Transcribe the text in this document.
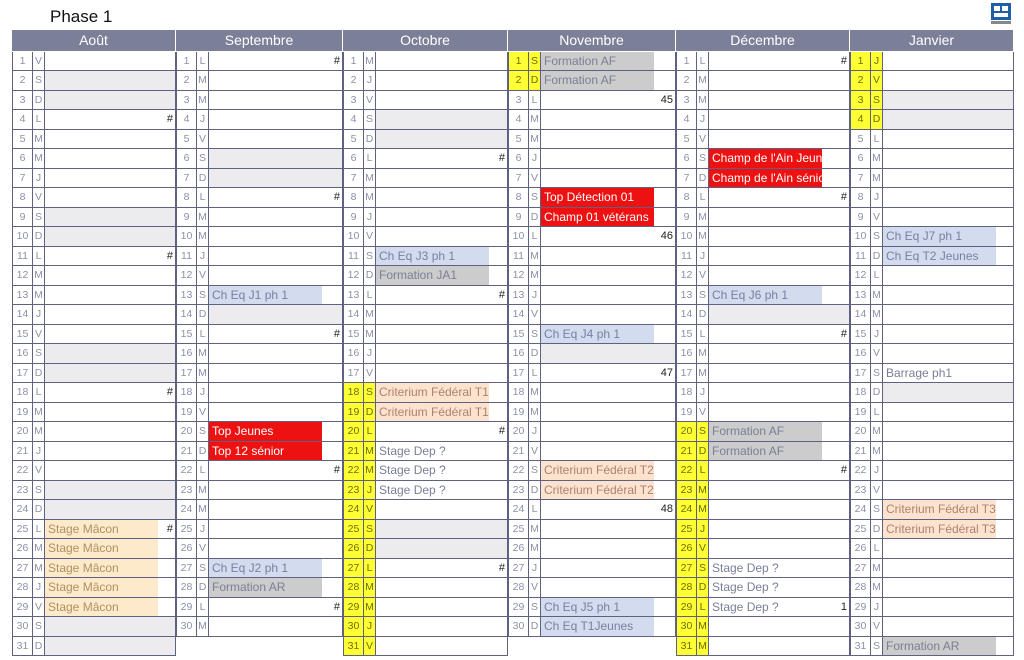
Phase 1
Août
1 V
2 S
3 D
4 L	#
5 M
6 M
7 J
8 V
9 S
10 D
11 L	#
12 M
13 M
14 J
15 V
16 S
17 D
18 L	#
19 M
20 M
21 J
22 V
23 S
24 D
25 L Stage Mâcon	#
26 M Stage Mâcon
27 M Stage Mâcon
28 J Stage Mâcon
29 V Stage Mâcon
30 S
31 D
Septembre
1 L	#
2 M
3 M
4 J
5 V
6 S
7 D
8 L	#
9 M
10 M
11 J
12 V
13 S Ch Eq J1 ph 1
14 D
15 L	#
16 M
17 M
18 J
19 V
20 S Top Jeunes
21 D Top 12 sénior
22 L	#
23 M
24 M
25 J
26 V
27 S Ch Eq J2 ph 1
28 D Formation AR
29 L	#
30 M
Octobre
1 M
2 J
3 V
4 S
5 D
6 L	#
7 M
8 M
9 J
10 V
11 S Ch Eq J3 ph 1
12 D Formation JA1
13 L	#
14 M
15 M
16 J
17 V
18 S Criterium Fédéral T1
19 D Criterium Fédéral T1
20 L	#
21 M Stage Dep ?
22 M Stage Dep ?
23 J Stage Dep ?
24 V
25 S
26 D
27 L	#
28 M
29 M
30 J
31 V
Novembre
1 S Formation AF
2 D Formation AF
3 L	45
4 M
5 M
6 J
7 V
8 S Top Détection 01
9 D Champ 01 vétérans
10 L	46
11 M
12 M
13 J
14 V
15 S Ch Eq J4 ph 1
16 D
17 L	47
18 M
19 M
20 J
21 V
22 S Criterium Fédéral T2
23 D Criterium Fédéral T2
24 L	48
25 M
26 M
27 J
28 V
29 S Ch Eq J5 ph 1
30 D Ch Eq T1Jeunes
Décembre
1 L	#
2 M
3 M
4 J
5 V
6 S Champ de l'Ain Jeunes
7 D Champ de l'Ain sénior
8 L	#
9 M
10 M
11 J
12 V
13 S Ch Eq J6 ph 1
14 D
15 L	#
16 M
17 M
18 J
19 V
20 S Formation AF
21 D Formation AF
22 L	#
23 M
24 M
25 J
26 V
27 S Stage Dep ?
28 D Stage Dep ?
29 L Stage Dep ?	1
30 M
31 M
Janvier
1 J
2 V
3 S
4 D
5 L
6 M
7 M
8 J
9 V
10 S Ch Eq J7 ph 1
11 D Ch Eq T2 Jeunes
12 L
13 M
14 M
15 J
16 V
17 S Barrage ph1
18 D
19 L
20 M
21 M
22 J
23 V
24 S Criterium Fédéral T3
25 D Criterium Fédéral T3
26 L
27 M
28 M
29 J
30 V
31 S Formation AR
